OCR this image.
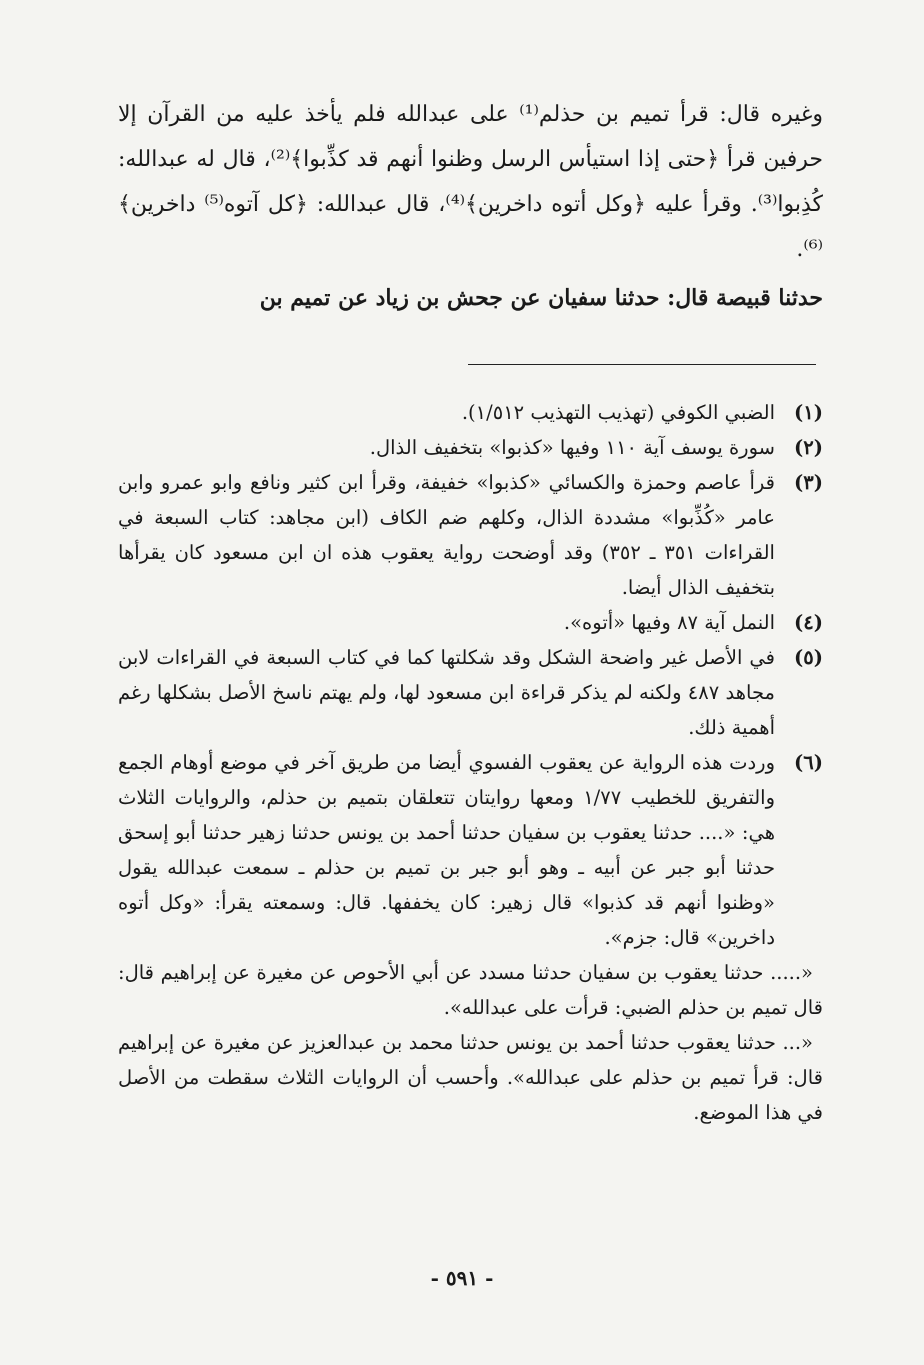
وغيره قال: قرأ تميم بن حذلم⁽¹⁾ على عبدالله فلم يأخذ عليه من القرآن إلا حرفين قرأ ﴿حتى إذا استيأس الرسل وظنوا أنهم قد كذِّبوا﴾⁽²⁾، قال له عبدالله: كُذِبوا⁽³⁾. وقرأ عليه ﴿وكل أتوه داخرين﴾⁽⁴⁾، قال عبدالله: ﴿كل آتوه⁽⁵⁾ داخرين﴾⁽⁶⁾.

حدثنا قبيصة قال: حدثنا سفيان عن جحش بن زياد عن تميم بن

(١)
الضبي الكوفي (تهذيب التهذيب ١/٥١٢).
(٢)
سورة يوسف آية ١١٠ وفيها «كذبوا» بتخفيف الذال.
(٣)
قرأ عاصم وحمزة والكسائي «كذبوا» خفيفة، وقرأ ابن كثير ونافع وابو عمرو وابن عامر «كُذِّبوا» مشددة الذال، وكلهم ضم الكاف (ابن مجاهد: كتاب السبعة في القراءات ٣٥١ ـ ٣٥٢) وقد أوضحت رواية يعقوب هذه ان ابن مسعود كان يقرأها بتخفيف الذال أيضا.
(٤)
النمل آية ٨٧ وفيها «أتوه».
(٥)
في الأصل غير واضحة الشكل وقد شكلتها كما في كتاب السبعة في القراءات لابن مجاهد ٤٨٧ ولكنه لم يذكر قراءة ابن مسعود لها، ولم يهتم ناسخ الأصل بشكلها رغم أهمية ذلك.
(٦)
وردت هذه الرواية عن يعقوب الفسوي أيضا من طريق آخر في موضع أوهام الجمع والتفريق للخطيب ١/٧٧ ومعها روايتان تتعلقان بتميم بن حذلم، والروايات الثلاث هي: «.... حدثنا يعقوب بن سفيان حدثنا أحمد بن يونس حدثنا زهير حدثنا أبو إسحق حدثنا أبو جبر عن أبيه ـ وهو أبو جبر بن تميم بن حذلم ـ سمعت عبدالله يقول «وظنوا أنهم قد كذبوا» قال زهير: كان يخففها. قال: وسمعته يقرأ: «وكل أتوه داخرين» قال: جزم».

«..... حدثنا يعقوب بن سفيان حدثنا مسدد عن أبي الأحوص عن مغيرة عن إبراهيم قال: قال تميم بن حذلم الضبي: قرأت على عبدالله».

«... حدثنا يعقوب حدثنا أحمد بن يونس حدثنا محمد بن عبدالعزيز عن مغيرة عن إبراهيم قال: قرأ تميم بن حذلم على عبدالله». وأحسب أن الروايات الثلاث سقطت من الأصل في هذا الموضع.

- ٥٩١ -
